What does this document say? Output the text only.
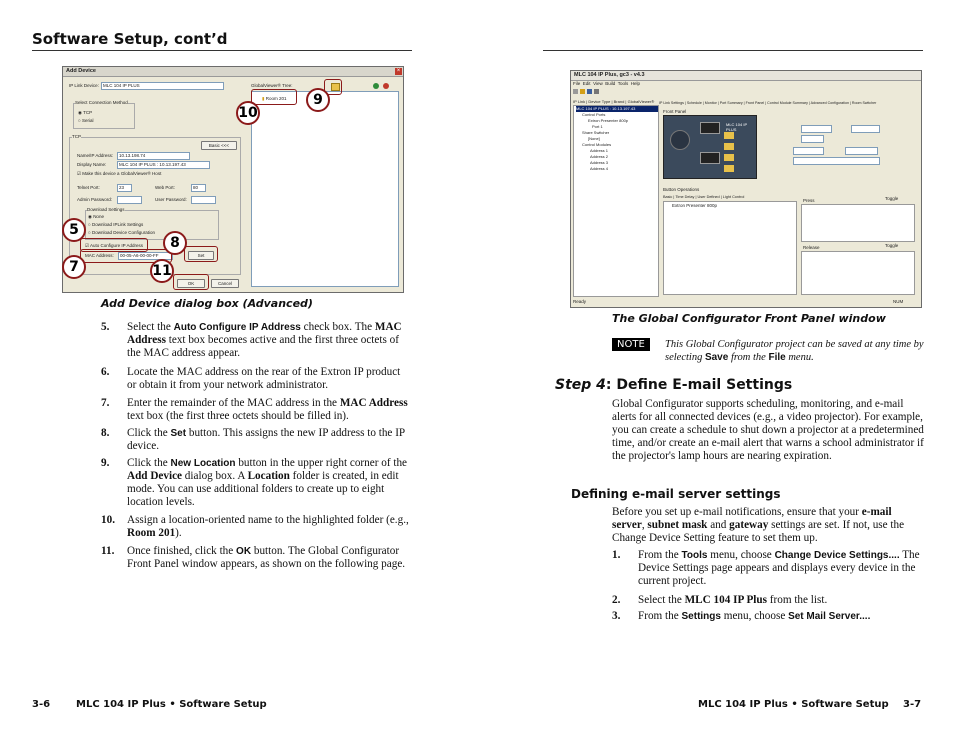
Software Setup, cont’d
Add Device	×
IP Link Device: MLC 104 IP PLUS	GlobalViewer® Tree:
▮ Room 201
Select Connection Method
◉ TCP
○ Serial
TCP
Basic <<<
Name/IP Address:	10.13.198.74
Display Name:	MLC 104 IP PLUS : 10.13.197.43
☑ Make this device a GlobalViewer® Host
Telnet Port:	23	Web Port:	80
Admin Password:	User Password:
Download Settings
◉ None
○ Download IPLink Settings
○ Download Device Configuration
☑ Auto Configure IP Address
MAC Address:	00-05-A6-00-00-FF	Set
OK	Cancel
10
9
5
8
7	11
Add Device dialog box (Advanced)
5. Select the Auto Configure IP Address check box. The MAC Address text box becomes active and the first three octets of the MAC address appear.
6. Locate the MAC address on the rear of the Extron IP product or obtain it from your network administrator.
7. Enter the remainder of the MAC address in the MAC Address text box (the first three octets should be filled in).
8. Click the Set button. This assigns the new IP address to the IP device.
9. Click the New Location button in the upper right corner of the Add Device dialog box. A Location folder is created, in edit mode. You can use additional folders to create up to eight location levels.
10. Assign a location-oriented name to the highlighted folder (e.g., Room 201).
11. Once finished, click the OK button. The Global Configurator Front Panel window appears, as shown on the following page.
3-6	MLC 104 IP Plus • Software Setup
MLC 104 IP Plus, gc3 - v4.3
File Edit View Build Tools Help
IP Link | Device Type | Brand | GlobalViewer®
MLC 104 IP PLUS : 10.13.197.43
Control Ports
Extron Presenter 800p
Port 1
Share Switcher
[None]
Control Modules
Address 1
Address 2
Address 3
Address 4
IP Link Settings | Schedule | Monitor | Port Summary | Front Panel | Control Module Summary | Advanced Configuration | Room Switcher
Front Panel
MLC 104 IP PLUS
Button Operations
Basic | Time Delay | User Defined | Light Control
Extron Presenter 800p
Press	Toggle
Release	Toggle
Ready	NUM
The Global Configurator Front Panel window
NOTE	This Global Configurator project can be saved at any time by selecting Save from the File menu.
Step 4: Define E-mail Settings
Global Configurator supports scheduling, monitoring, and e-mail alerts for all connected devices (e.g., a video projector). For example, you can create a schedule to shut down a projector at a predetermined time, and/or create an e-mail alert that warns a school administrator if the projector's lamp hours are nearing expiration.
Defining e-mail server settings
Before you set up e-mail notifications, ensure that your e-mail server, subnet mask and gateway settings are set. If not, use the Change Device Setting feature to set them up.
1. From the Tools menu, choose Change Device Settings.... The Device Settings page appears and displays every device in the current project.
2. Select the MLC 104 IP Plus from the list.
3. From the Settings menu, choose Set Mail Server....
MLC 104 IP Plus • Software Setup 3-7
